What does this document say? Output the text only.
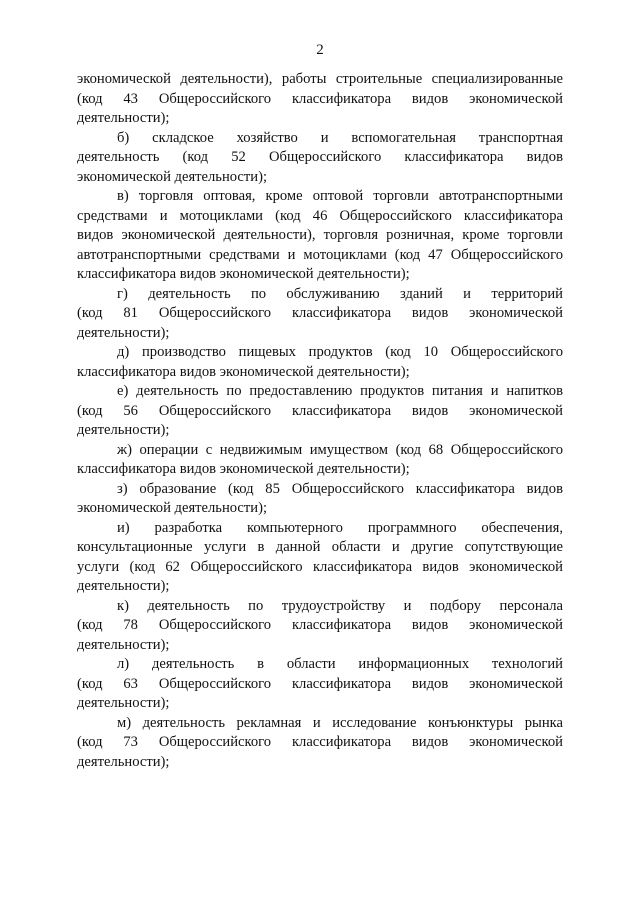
2
экономической деятельности), работы строительные специализированные
(код 43 Общероссийского классификатора видов экономической
деятельности);
б) складское хозяйство и вспомогательная транспортная
деятельность (код 52 Общероссийского классификатора видов
экономической деятельности);
в) торговля оптовая, кроме оптовой торговли автотранспортными
средствами и мотоциклами (код 46 Общероссийского классификатора
видов экономической деятельности), торговля розничная, кроме торговли
автотранспортными средствами и мотоциклами (код 47 Общероссийского
классификатора видов экономической деятельности);
г) деятельность по обслуживанию зданий и территорий
(код 81 Общероссийского классификатора видов экономической
деятельности);
д) производство пищевых продуктов (код 10 Общероссийского
классификатора видов экономической деятельности);
е) деятельность по предоставлению продуктов питания и напитков
(код 56 Общероссийского классификатора видов экономической
деятельности);
ж) операции с недвижимым имуществом (код 68 Общероссийского
классификатора видов экономической деятельности);
з) образование (код 85 Общероссийского классификатора видов
экономической деятельности);
и) разработка компьютерного программного обеспечения,
консультационные услуги в данной области и другие сопутствующие
услуги (код 62 Общероссийского классификатора видов экономической
деятельности);
к) деятельность по трудоустройству и подбору персонала
(код 78 Общероссийского классификатора видов экономической
деятельности);
л) деятельность в области информационных технологий
(код 63 Общероссийского классификатора видов экономической
деятельности);
м) деятельность рекламная и исследование конъюнктуры рынка
(код 73 Общероссийского классификатора видов экономической
деятельности);
